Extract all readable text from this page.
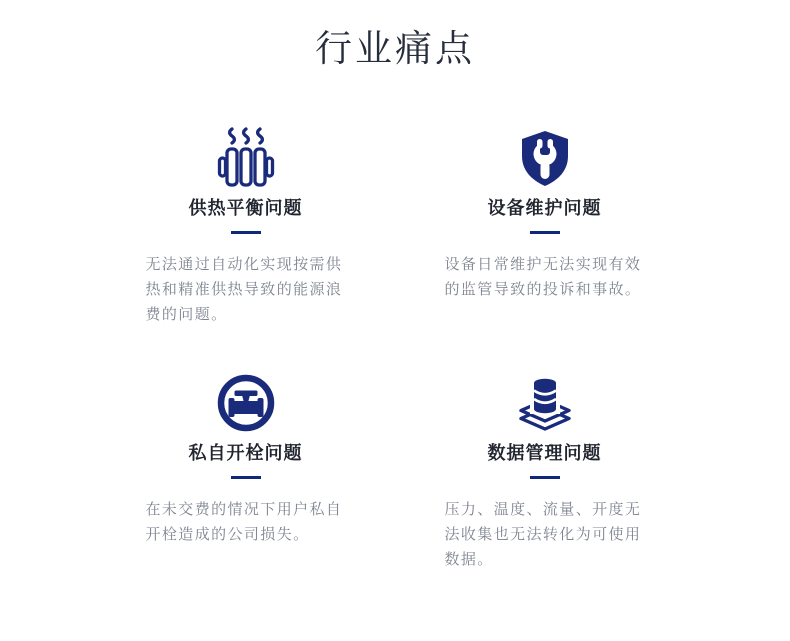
行业痛点
供热平衡问题
无法通过自动化实现按需供热和精准供热导致的能源浪费的问题。
设备维护问题
设备日常维护无法实现有效的监管导致的投诉和事故。
私自开栓问题
在未交费的情况下用户私自开栓造成的公司损失。
数据管理问题
压力、温度、流量、开度无法收集也无法转化为可使用数据。
